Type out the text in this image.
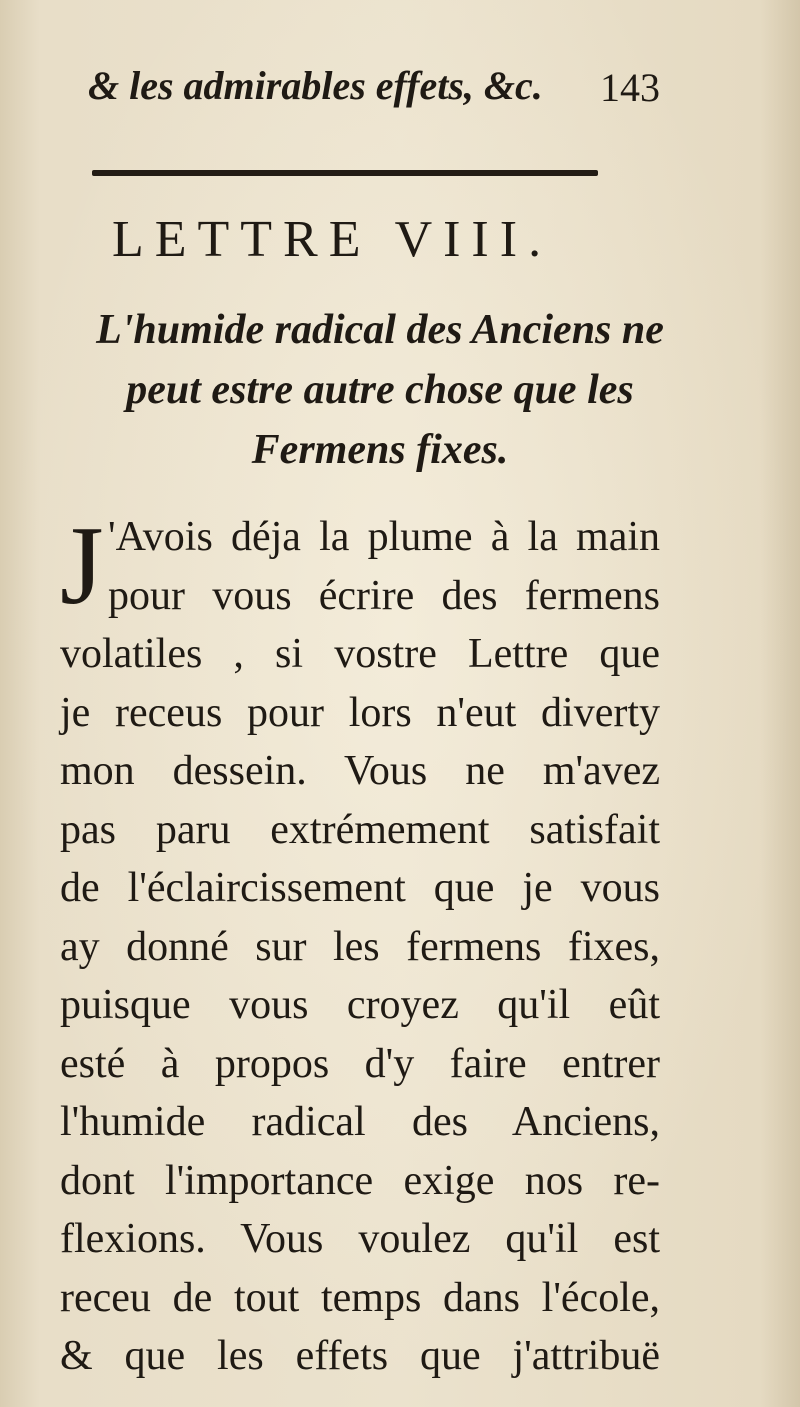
& les admirables effets, &c. 143
LETTRE VIII.
L'humide radical des Anciens ne
peut estre autre chose que les
Fermens fixes.
J 'Avois déja la plume à la main
pour vous écrire des fermens
volatiles , si vostre Lettre que
je receus pour lors n'eut diverty
mon dessein. Vous ne m'avez
pas paru extrémement satisfait
de l'éclaircissement que je vous
ay donné sur les fermens fixes,
puisque vous croyez qu'il eût
esté à propos d'y faire entrer
l'humide radical des Anciens,
dont l'importance exige nos re-
flexions. Vous voulez qu'il est
receu de tout temps dans l'école,
& que les effets que j'attribuë
